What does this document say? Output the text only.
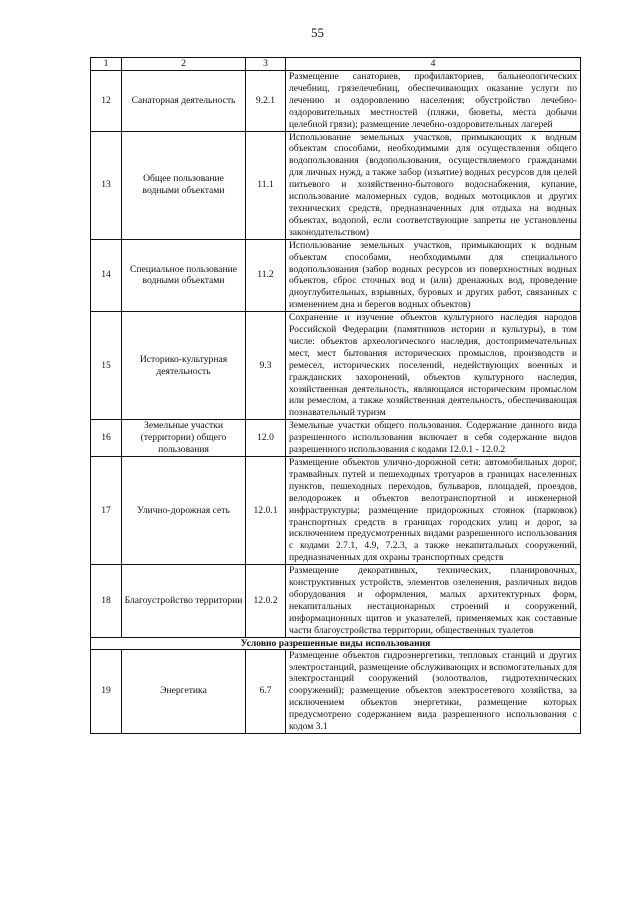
55
1	2	3	4
12	Санаторная деятельность	9.2.1	Размещение санаториев, профилакториев, бальнеологических лечебниц, грязелечебниц, обеспечивающих оказание услуги по лечению и оздоровлению населения; обустройство лечебно-оздоровительных местностей (пляжи, бюветы, места добычи целебной грязи); размещение лечебно-оздоровительных лагерей
13	Общее пользование водными объектами	11.1	Использование земельных участков, примыкающих к водным объектам способами, необходимыми для осуществления общего водопользования (водопользования, осуществляемого гражданами для личных нужд, а также забор (изъятие) водных ресурсов для целей питьевого и хозяйственно-бытового водоснабжения, купание, использование маломерных судов, водных мотоциклов и других технических средств, предназначенных для отдыха на водных объектах, водопой, если соответствующие запреты не установлены законодательством)
14	Специальное пользование водными объектами	11.2	Использование земельных участков, примыкающих к водным объектам способами, необходимыми для специального водопользования (забор водных ресурсов из поверхностных водных объектов, сброс сточных вод и (или) дренажных вод, проведение дноуглубительных, взрывных, буровых и других работ, связанных с изменением дна и берегов водных объектов)
15	Историко-культурная деятельность	9.3	Сохранение и изучение объектов культурного наследия народов Российской Федерации (памятников истории и культуры), в том числе: объектов археологического наследия, достопримечательных мест, мест бытования исторических промыслов, производств и ремесел, исторических поселений, недействующих военных и гражданских захоронений, объектов культурного наследия, хозяйственная деятельность, являющаяся историческим промыслом или ремеслом, а также хозяйственная деятельность, обеспечивающая познавательный туризм
16	Земельные участки (территории) общего пользования	12.0	Земельные участки общего пользования. Содержание данного вида разрешенного использования включает в себя содержание видов разрешенного использования с кодами 12.0.1 - 12.0.2
17	Улично-дорожная сеть	12.0.1	Размещение объектов улично-дорожной сети: автомобильных дорог, трамвайных путей и пешеходных тротуаров в границах населенных пунктов, пешеходных переходов, бульваров, площадей, проездов, велодорожек и объектов велотранспортной и инженерной инфраструктуры; размещение придорожных стоянок (парковок) транспортных средств в границах городских улиц и дорог, за исключением предусмотренных видами разрешенного использования с кодами 2.7.1, 4.9, 7.2.3, а также некапитальных сооружений, предназначенных для охраны транспортных средств
18	Благоустройство территории	12.0.2	Размещение декоративных, технических, планировочных, конструктивных устройств, элементов озеленения, различных видов оборудования и оформления, малых архитектурных форм, некапитальных нестационарных строений и сооружений, информационных щитов и указателей, применяемых как составные части благоустройства территории, общественных туалетов
Условно разрешенные виды использования			
19	Энергетика	6.7	Размещение объектов гидроэнергетики, тепловых станций и других электростанций, размещение обслуживающих и вспомогательных для электростанций сооружений (золоотвалов, гидротехнических сооружений); размещение объектов электросетевого хозяйства, за исключением объектов энергетики, размещение которых предусмотрено содержанием вида разрешенного использования с кодом 3.1
